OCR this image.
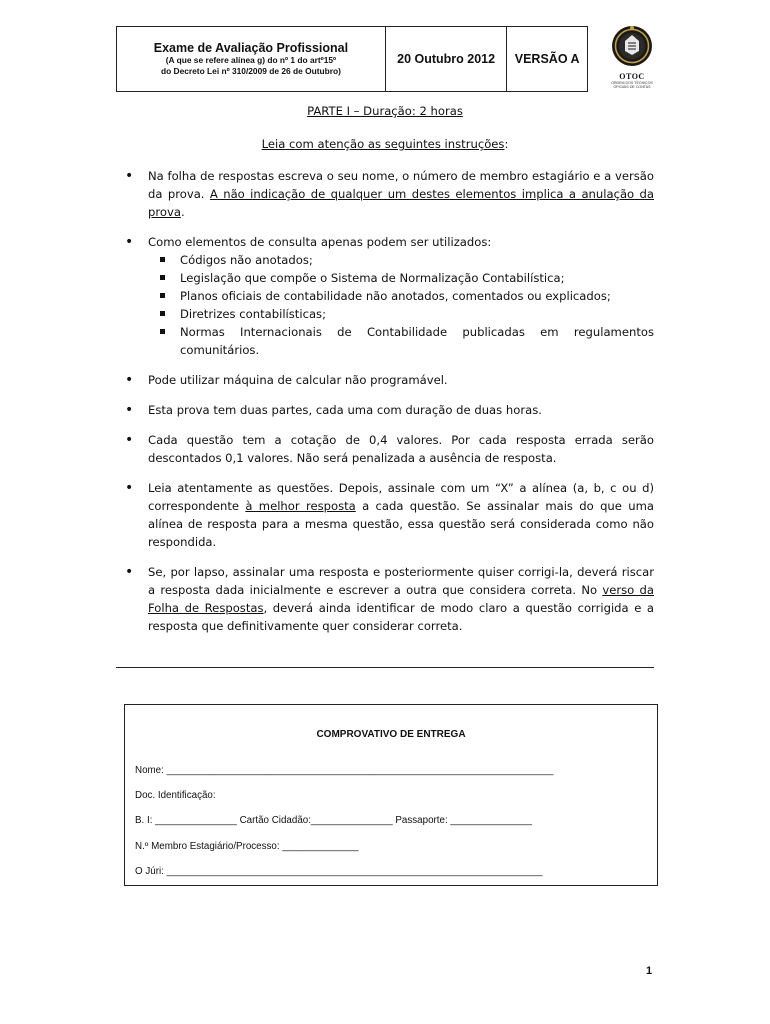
Exame de Avaliação Profissional
(A que se refere alínea g) do nº 1 do artº15º
do Decreto Lei nº 310/2009 de 26 de Outubro)
20 Outubro 2012 VERSÃO A
OTOC
ORDEM DOS TÉCNICOS OFICIAIS DE CONTAS
PARTE I – Duração: 2 horas
Leia com atenção as seguintes instruções:
• Na folha de respostas escreva o seu nome, o número de membro estagiário e a versão da prova. A não indicação de qualquer um destes elementos implica a anulação da prova.
• Como elementos de consulta apenas podem ser utilizados:
Códigos não anotados;
Legislação que compõe o Sistema de Normalização Contabilística;
Planos oficiais de contabilidade não anotados, comentados ou explicados;
Diretrizes contabilísticas;
Normas Internacionais de Contabilidade publicadas em regulamentos comunitários.
• Pode utilizar máquina de calcular não programável.
• Esta prova tem duas partes, cada uma com duração de duas horas.
• Cada questão tem a cotação de 0,4 valores. Por cada resposta errada serão descontados 0,1 valores. Não será penalizada a ausência de resposta.
• Leia atentamente as questões. Depois, assinale com um “X” a alínea (a, b, c ou d) correspondente à melhor resposta a cada questão. Se assinalar mais do que uma alínea de resposta para a mesma questão, essa questão será considerada como não respondida.
• Se, por lapso, assinalar uma resposta e posteriormente quiser corrigi-la, deverá riscar a resposta dada inicialmente e escrever a outra que considera correta. No verso da Folha de Respostas, deverá ainda identificar de modo claro a questão corrigida e a resposta que definitivamente quer considerar correta.
COMPROVATIVO DE ENTREGA
Nome: _______________________________________________________________________
Doc. Identificação:
B. I: _______________ Cartão Cidadão:_______________ Passaporte: _______________
N.º Membro Estagiário/Processo: ______________
O Júri: _____________________________________________________________________
1
